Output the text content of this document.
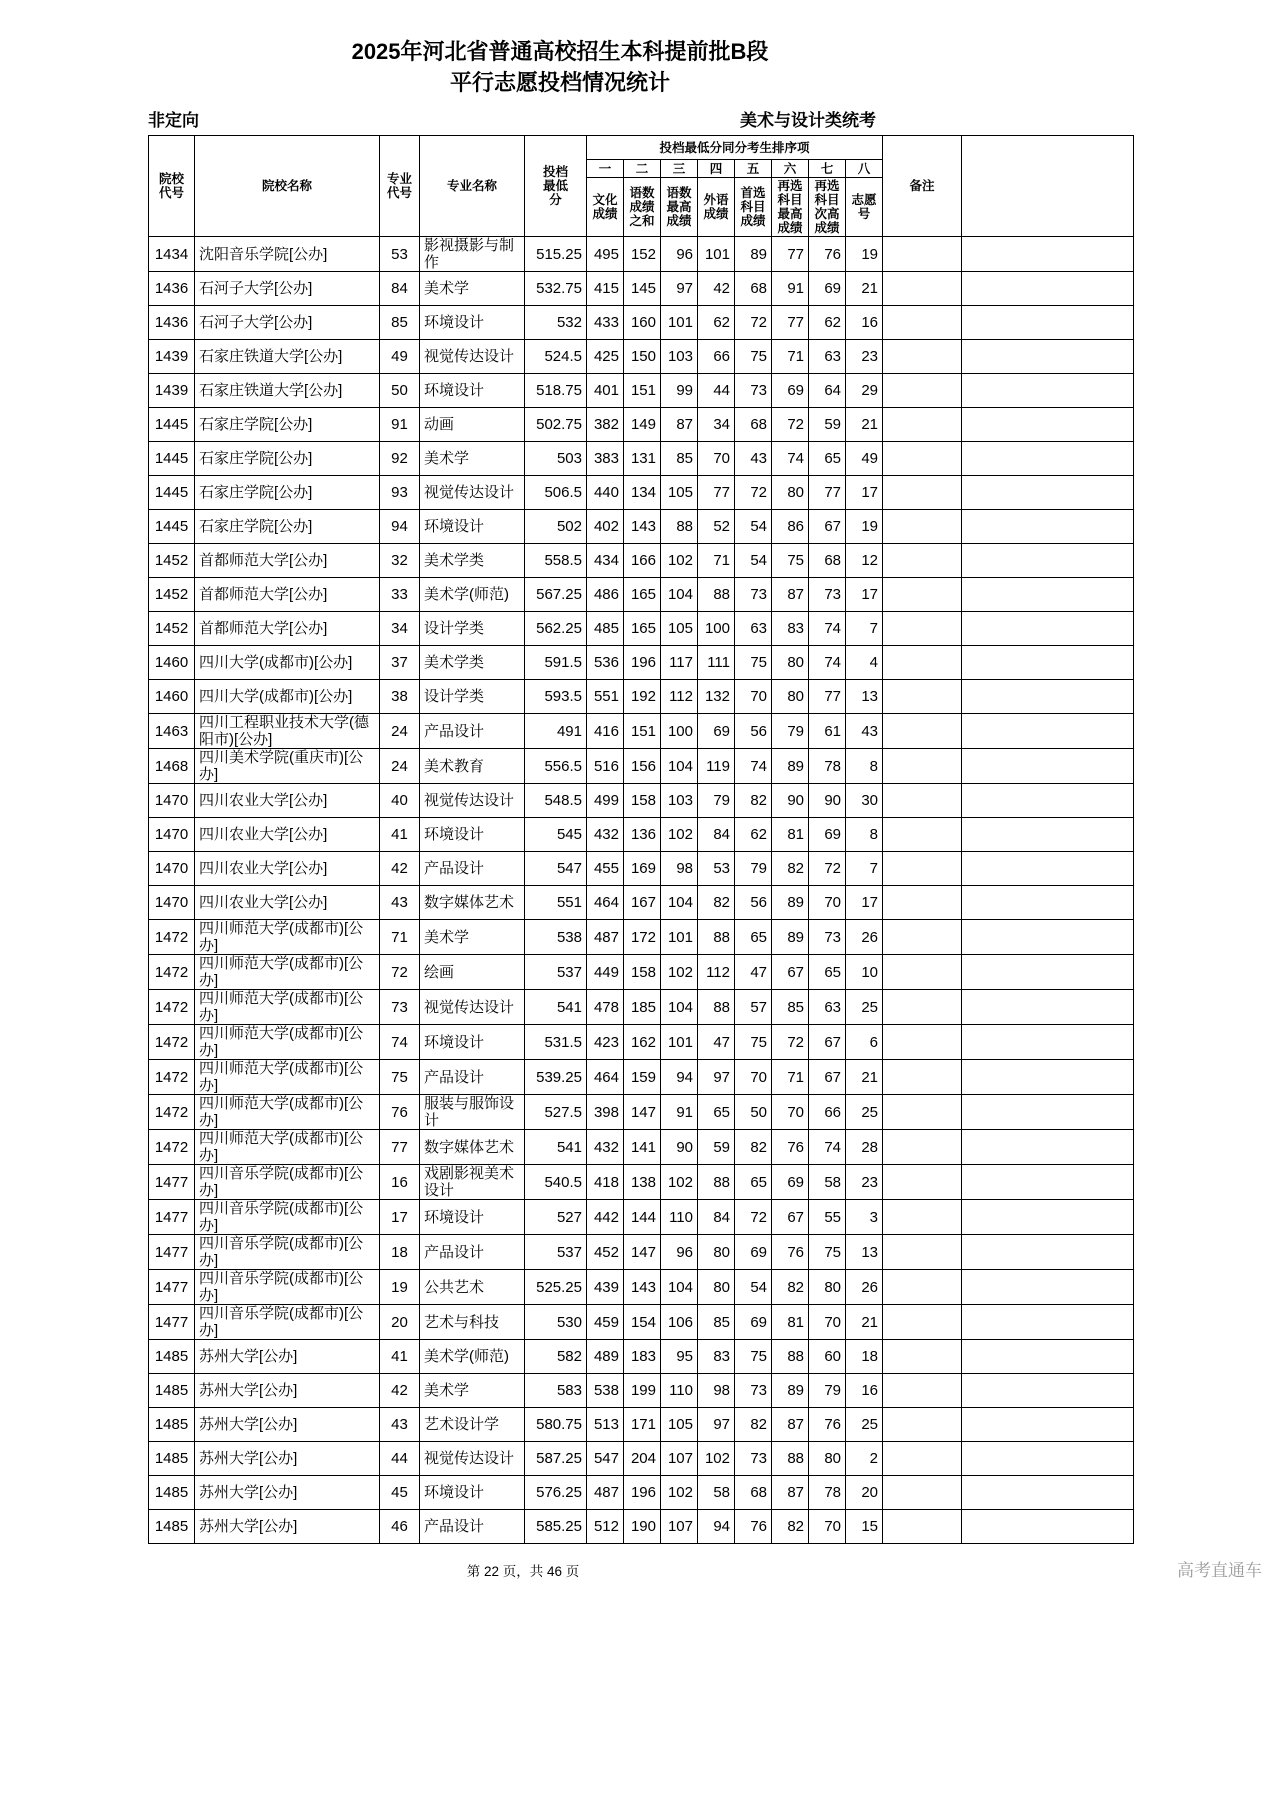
2025年河北省普通高校招生本科提前批B段
平行志愿投档情况统计
非定向	美术与设计类统考
院校代号	院校名称	专业代号	专业名称	投档最低分	投档最低分同分考生排序项								备注	
					一	二	三	四	五	六	七	八		
					文化成绩	语数成绩之和	语数最高成绩	外语成绩	首选科目成绩	再选科目最高成绩	再选科目次高成绩	志愿号		
1434	沈阳音乐学院[公办]	53	影视摄影与制作	515.25	495	152	96	101	89	77	76	19		
1436	石河子大学[公办]	84	美术学	532.75	415	145	97	42	68	91	69	21		
1436	石河子大学[公办]	85	环境设计	532	433	160	101	62	72	77	62	16		
1439	石家庄铁道大学[公办]	49	视觉传达设计	524.5	425	150	103	66	75	71	63	23		
1439	石家庄铁道大学[公办]	50	环境设计	518.75	401	151	99	44	73	69	64	29		
1445	石家庄学院[公办]	91	动画	502.75	382	149	87	34	68	72	59	21		
1445	石家庄学院[公办]	92	美术学	503	383	131	85	70	43	74	65	49		
1445	石家庄学院[公办]	93	视觉传达设计	506.5	440	134	105	77	72	80	77	17		
1445	石家庄学院[公办]	94	环境设计	502	402	143	88	52	54	86	67	19		
1452	首都师范大学[公办]	32	美术学类	558.5	434	166	102	71	54	75	68	12		
1452	首都师范大学[公办]	33	美术学(师范)	567.25	486	165	104	88	73	87	73	17		
1452	首都师范大学[公办]	34	设计学类	562.25	485	165	105	100	63	83	74	7		
1460	四川大学(成都市)[公办]	37	美术学类	591.5	536	196	117	111	75	80	74	4		
1460	四川大学(成都市)[公办]	38	设计学类	593.5	551	192	112	132	70	80	77	13		
1463	四川工程职业技术大学(德阳市)[公办]	24	产品设计	491	416	151	100	69	56	79	61	43		
1468	四川美术学院(重庆市)[公办]	24	美术教育	556.5	516	156	104	119	74	89	78	8		
1470	四川农业大学[公办]	40	视觉传达设计	548.5	499	158	103	79	82	90	90	30		
1470	四川农业大学[公办]	41	环境设计	545	432	136	102	84	62	81	69	8		
1470	四川农业大学[公办]	42	产品设计	547	455	169	98	53	79	82	72	7		
1470	四川农业大学[公办]	43	数字媒体艺术	551	464	167	104	82	56	89	70	17		
1472	四川师范大学(成都市)[公办]	71	美术学	538	487	172	101	88	65	89	73	26		
1472	四川师范大学(成都市)[公办]	72	绘画	537	449	158	102	112	47	67	65	10		
1472	四川师范大学(成都市)[公办]	73	视觉传达设计	541	478	185	104	88	57	85	63	25		
1472	四川师范大学(成都市)[公办]	74	环境设计	531.5	423	162	101	47	75	72	67	6		
1472	四川师范大学(成都市)[公办]	75	产品设计	539.25	464	159	94	97	70	71	67	21		
1472	四川师范大学(成都市)[公办]	76	服装与服饰设计	527.5	398	147	91	65	50	70	66	25		
1472	四川师范大学(成都市)[公办]	77	数字媒体艺术	541	432	141	90	59	82	76	74	28		
1477	四川音乐学院(成都市)[公办]	16	戏剧影视美术设计	540.5	418	138	102	88	65	69	58	23		
1477	四川音乐学院(成都市)[公办]	17	环境设计	527	442	144	110	84	72	67	55	3		
1477	四川音乐学院(成都市)[公办]	18	产品设计	537	452	147	96	80	69	76	75	13		
1477	四川音乐学院(成都市)[公办]	19	公共艺术	525.25	439	143	104	80	54	82	80	26		
1477	四川音乐学院(成都市)[公办]	20	艺术与科技	530	459	154	106	85	69	81	70	21		
1485	苏州大学[公办]	41	美术学(师范)	582	489	183	95	83	75	88	60	18		
1485	苏州大学[公办]	42	美术学	583	538	199	110	98	73	89	79	16		
1485	苏州大学[公办]	43	艺术设计学	580.75	513	171	105	97	82	87	76	25		
1485	苏州大学[公办]	44	视觉传达设计	587.25	547	204	107	102	73	88	80	2		
1485	苏州大学[公办]	45	环境设计	576.25	487	196	102	58	68	87	78	20		
1485	苏州大学[公办]	46	产品设计	585.25	512	190	107	94	76	82	70	15		
第 22 页，共 46 页	高考直通车
